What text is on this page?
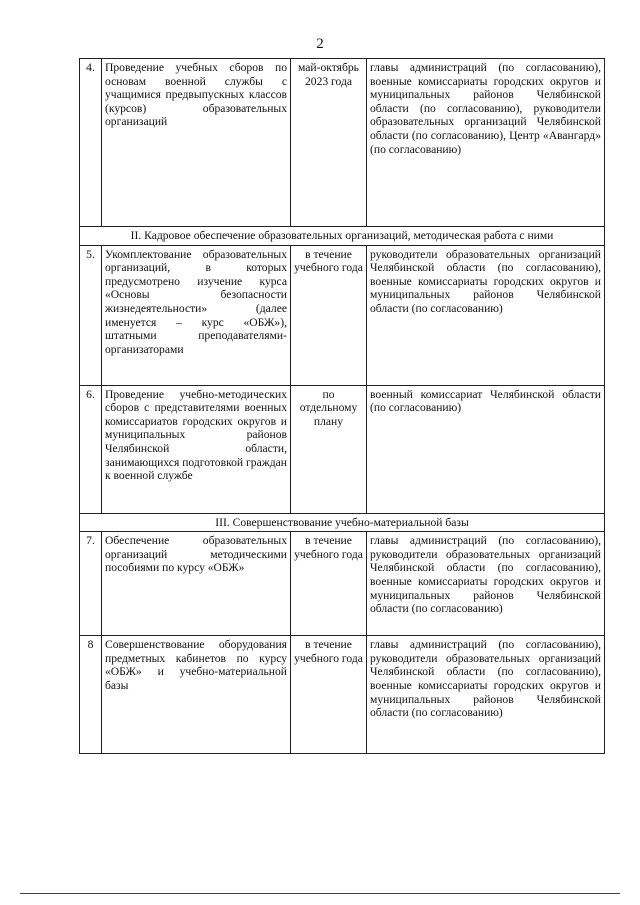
2
4.	Проведение учебных сборов по основам военной службы с учащимися предвыпускных классов (курсов) образовательных организаций	май-октябрь 2023 года	главы администраций (по согласованию), военные комиссариаты городских округов и муниципальных районов Челябинской области (по согласованию), руководители образовательных организаций Челябинской области (по согласованию), Центр «Авангард» (по согласованию)
II. Кадровое обеспечение образовательных организаций, методическая работа с ними			
5.	Укомплектование образовательных организаций, в которых предусмотрено изучение курса «Основы безопасности жизнедеятельности» (далее именуется – курс «ОБЖ»), штатными преподавателями-организаторами	в течение учебного года	руководители образовательных организаций Челябинской области (по согласованию), военные комиссариаты городских округов и муниципальных районов Челябинской области (по согласованию)
6.	Проведение учебно-методических сборов с представителями военных комиссариатов городских округов и муниципальных районов Челябинской области, занимающихся подготовкой граждан к военной службе	по отдельному плану	военный комиссариат Челябинской области (по согласованию)
III. Совершенствование учебно-материальной базы			
7.	Обеспечение образовательных организаций методическими пособиями по курсу «ОБЖ»	в течение учебного года	главы администраций (по согласованию), руководители образовательных организаций Челябинской области (по согласованию), военные комиссариаты городских округов и муниципальных районов Челябинской области (по согласованию)
8	Совершенствование оборудования предметных кабинетов по курсу «ОБЖ» и учебно-материальной базы	в течение учебного года	главы администраций (по согласованию), руководители образовательных организаций Челябинской области (по согласованию), военные комиссариаты городских округов и муниципальных районов Челябинской области (по согласованию)
